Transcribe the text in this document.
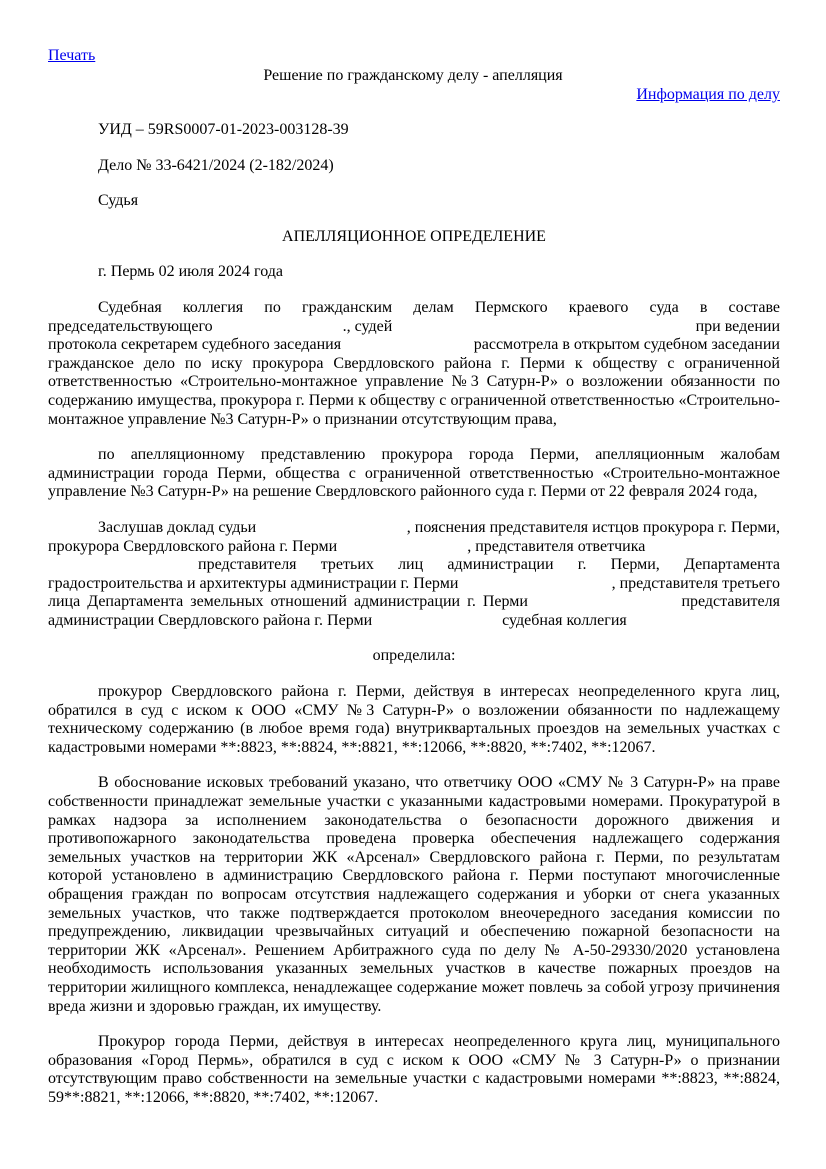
Печать
Решение по гражданскому делу - апелляция
Информация по делу
УИД – 59RS0007-01-2023-003128-39
Дело № 33-6421/2024 (2-182/2024)
Судья
АПЕЛЛЯЦИОННОЕ ОПРЕДЕЛЕНИЕ
г. Пермь 02 июля 2024 года
Судебная коллегия по гражданским делам Пермского краевого суда в составе
председательствующего	., судей	при ведении
протокола секретарем судебного заседания	рассмотрела в открытом судебном заседании

гражданское дело по иску прокурора Свердловского района г. Перми к обществу с ограниченной ответственностью «Строительно-монтажное управление №3 Сатурн-Р» о возложении обязанности по содержанию имущества, прокурора г. Перми к обществу с ограниченной ответственностью «Строительно-монтажное управление №3 Сатурн-Р» о признании отсутствующим права,

по апелляционному представлению прокурора города Перми, апелляционным жалобам администрации города Перми, общества с ограниченной ответственностью «Строительно-монтажное управление №3 Сатурн-Р» на решение Свердловского районного суда г. Перми от 22 февраля 2024 года,

Заслушав доклад судьи	, пояснения представителя истцов прокурора г. Перми,
прокурора Свердловского района г. Перми	, представителя ответчика
представителя третьих лиц администрации г. Перми, Департамента
градостроительства и архитектуры администрации г. Перми	, представителя третьего
лица Департамента земельных отношений администрации г. Перми	представителя
администрации Свердловского района г. Перми	судебная коллегия
определила:

прокурор Свердловского района г. Перми, действуя в интересах неопределенного круга лиц, обратился в суд с иском к ООО «СМУ №3 Сатурн-Р» о возложении обязанности по надлежащему техническому содержанию (в любое время года) внутриквартальных проездов на земельных участках с кадастровыми номерами **:8823, **:8824, **:8821, **:12066, **:8820, **:7402, **:12067.

В обоснование исковых требований указано, что ответчику ООО «СМУ № 3 Сатурн-Р» на праве собственности принадлежат земельные участки с указанными кадастровыми номерами. Прокуратурой в рамках надзора за исполнением законодательства о безопасности дорожного движения и противопожарного законодательства проведена проверка обеспечения надлежащего содержания земельных участков на территории ЖК «Арсенал» Свердловского района г. Перми, по результатам которой установлено в администрацию Свердловского района г. Перми поступают многочисленные обращения граждан по вопросам отсутствия надлежащего содержания и уборки от снега указанных земельных участков, что также подтверждается протоколом внеочередного заседания комиссии по предупреждению, ликвидации чрезвычайных ситуаций и обеспечению пожарной безопасности на территории ЖК «Арсенал». Решением Арбитражного суда по делу № А-50-29330/2020 установлена необходимость использования указанных земельных участков в качестве пожарных проездов на территории жилищного комплекса, ненадлежащее содержание может повлечь за собой угрозу причинения вреда жизни и здоровью граждан, их имуществу.

Прокурор города Перми, действуя в интересах неопределенного круга лиц, муниципального образования «Город Пермь», обратился в суд с иском к ООО «СМУ № 3 Сатурн-Р» о признании отсутствующим право собственности на земельные участки с кадастровыми номерами **:8823, **:8824, 59**:8821, **:12066, **:8820, **:7402, **:12067.
